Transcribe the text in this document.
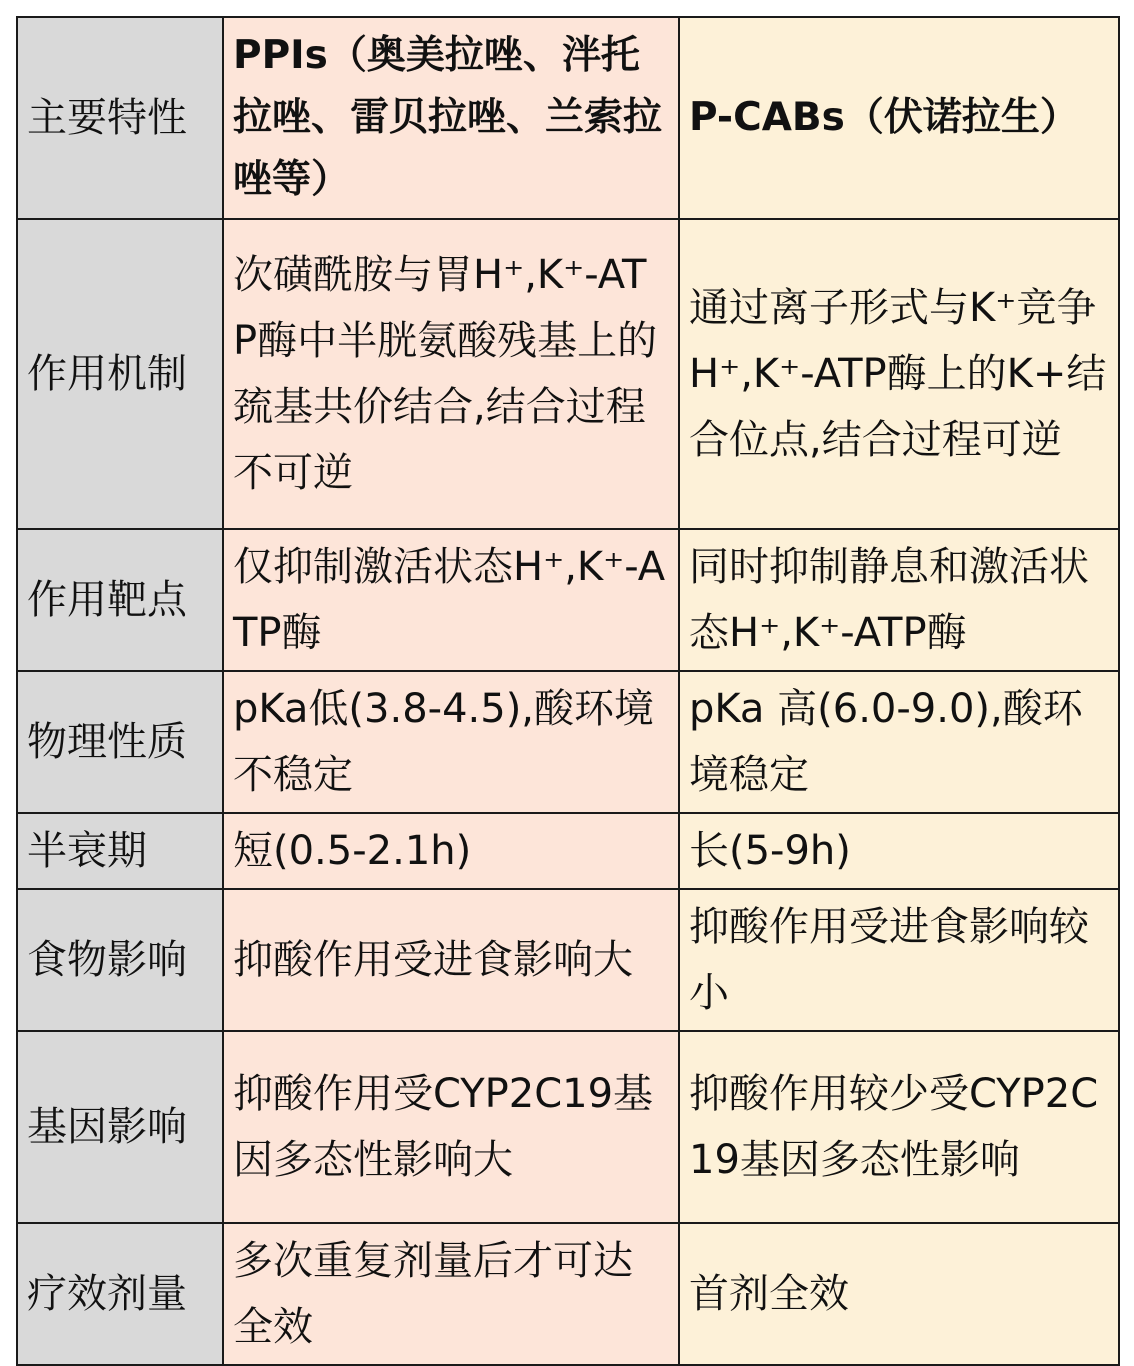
主要特性	PPIs（奥美拉唑、泮托拉唑、雷贝拉唑、兰索拉唑等）	P-CABs（伏诺拉生）
作用机制	次磺酰胺与胃H⁺,K⁺-ATP酶中半胱氨酸残基上的巯基共价结合,结合过程不可逆	通过离子形式与K⁺竞争H⁺,K⁺-ATP酶上的K+结合位点,结合过程可逆
作用靶点	仅抑制激活状态H⁺,K⁺-ATP酶	同时抑制静息和激活状态H⁺,K⁺-ATP酶
物理性质	pKa低(3.8-4.5),酸环境不稳定	pKa 高(6.0-9.0),酸环境稳定
半衰期	短(0.5-2.1h)	长(5-9h)
食物影响	抑酸作用受进食影响大	抑酸作用受进食影响较小
基因影响	抑酸作用受CYP2C19基因多态性影响大	抑酸作用较少受CYP2C19基因多态性影响
疗效剂量	多次重复剂量后才可达全效	首剂全效
